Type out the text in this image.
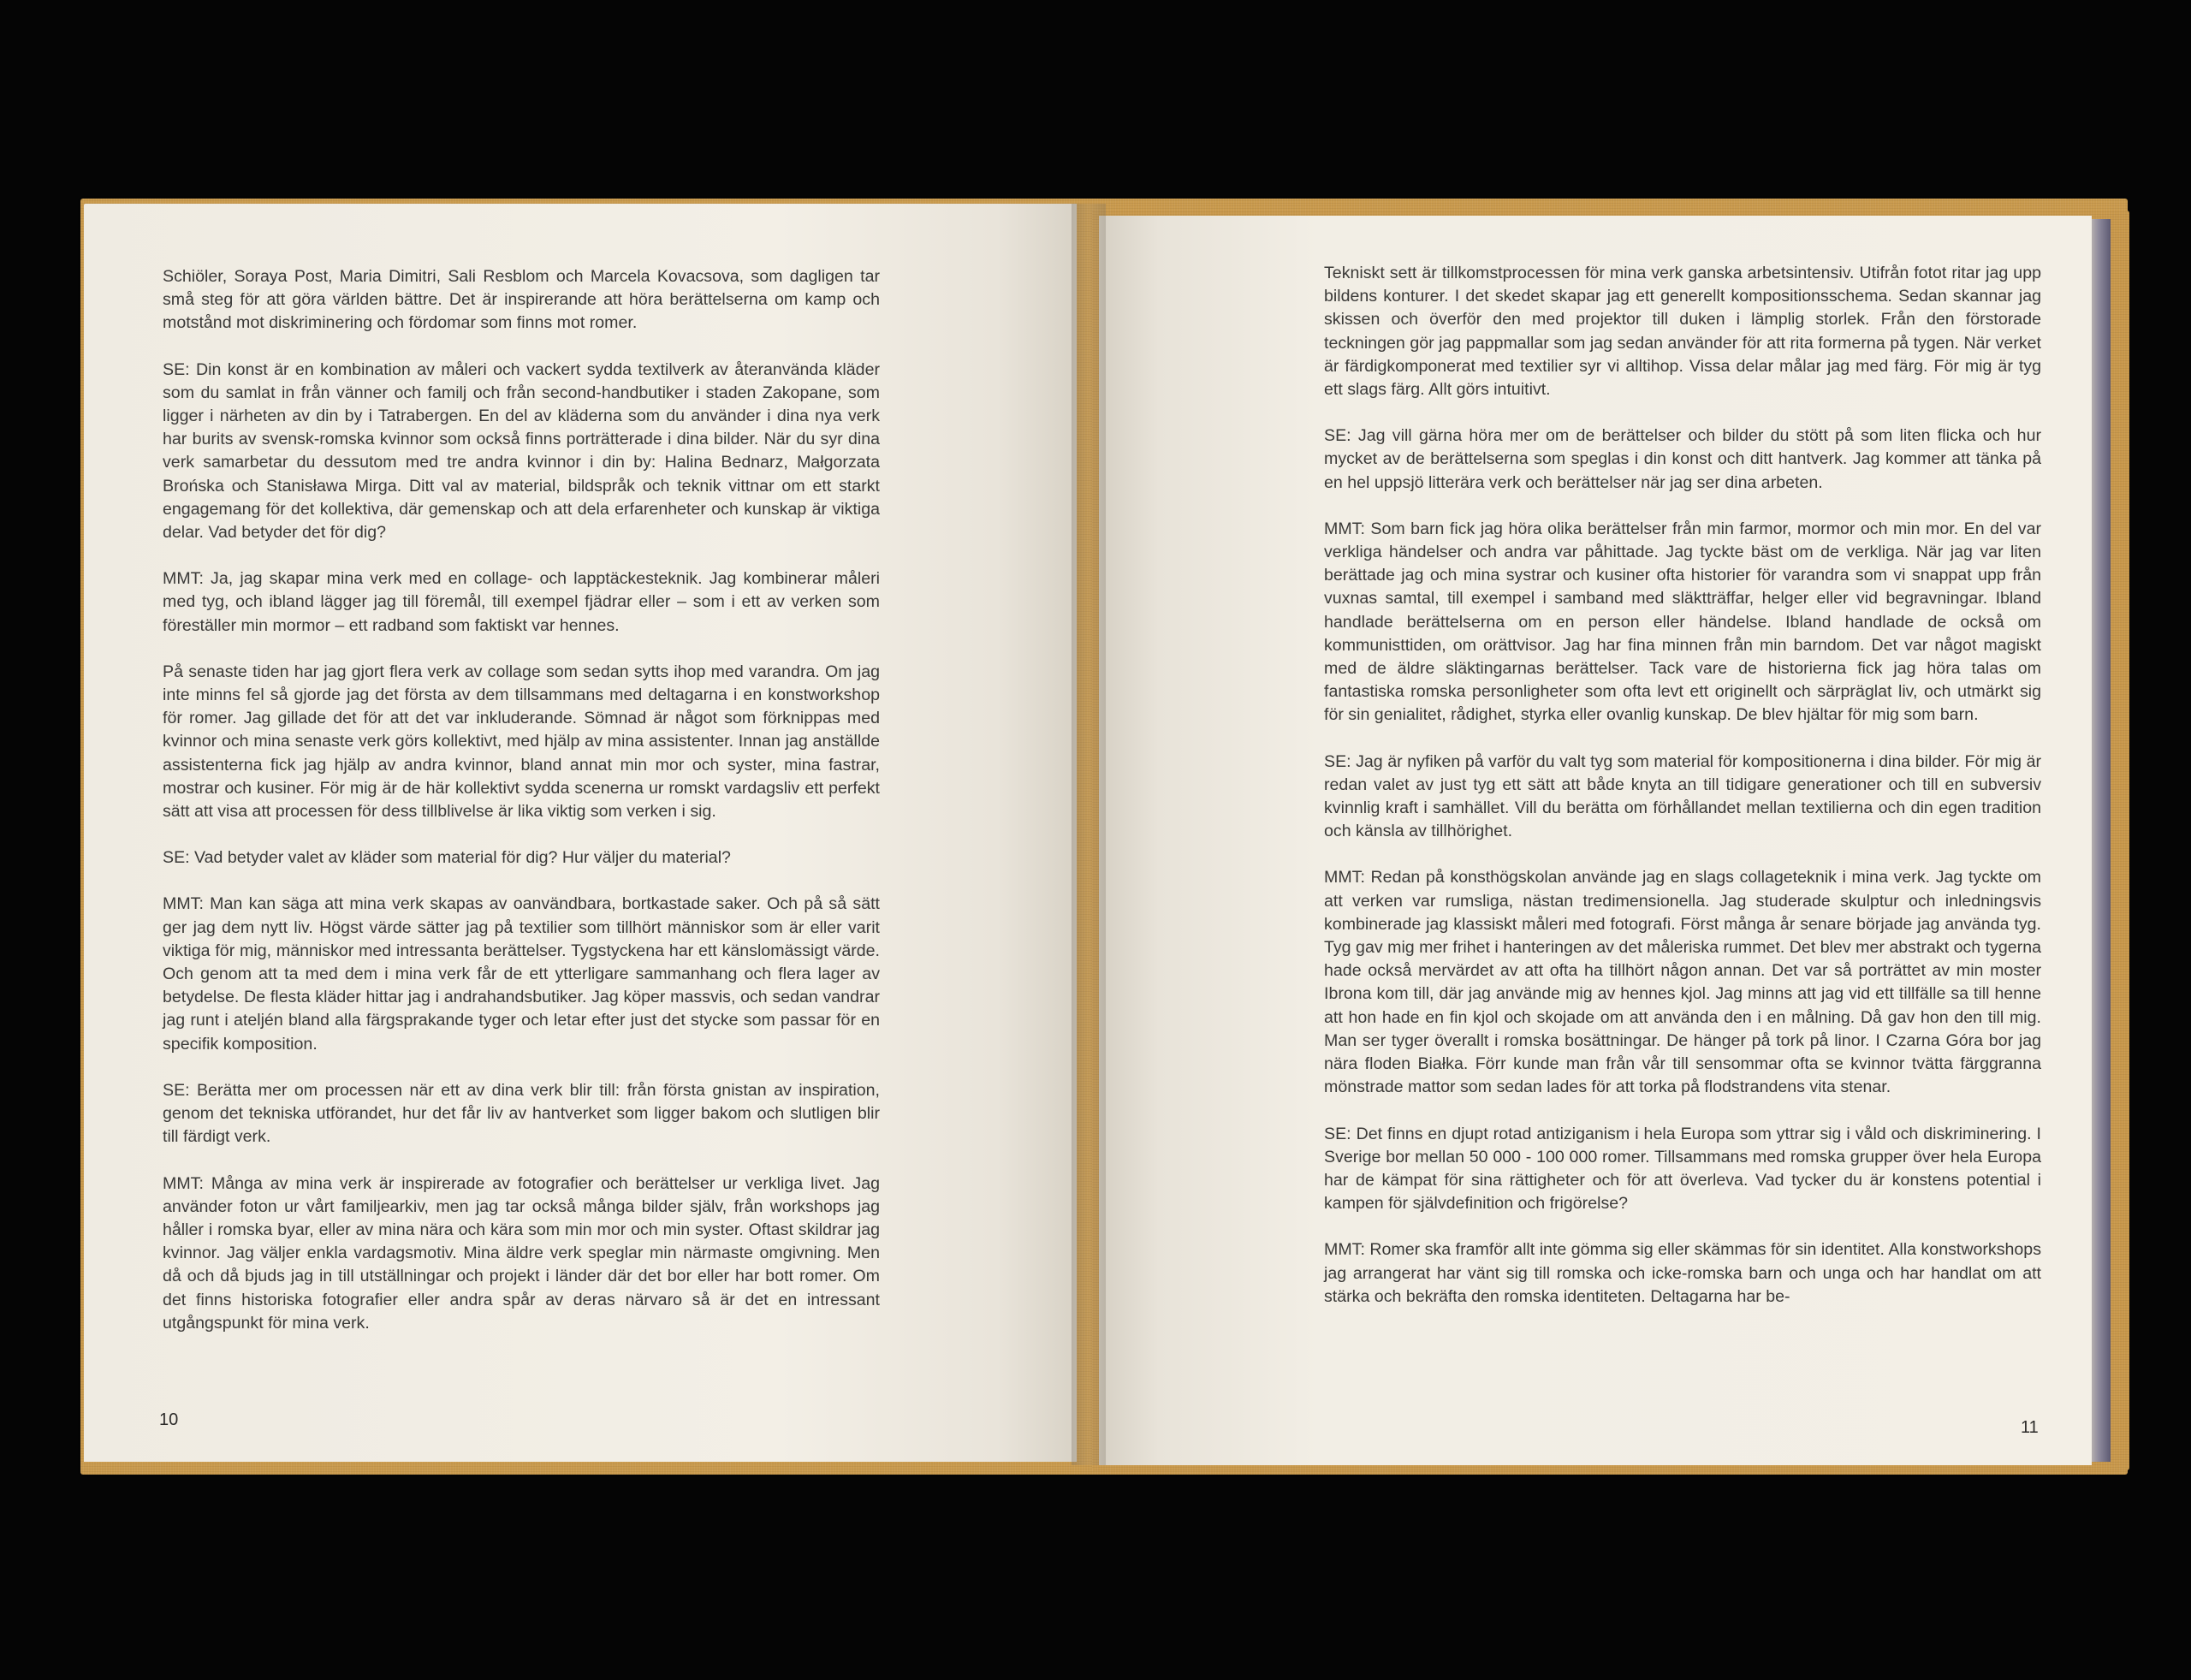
Schiöler, Soraya Post, Maria Dimitri, Sali Resblom och Marcela Kovacsova, som dagligen tar små steg för att göra världen bättre. Det är inspirerande att höra berättelserna om kamp och motstånd mot diskriminering och fördomar som finns mot romer.

SE: Din konst är en kombination av måleri och vackert sydda textilverk av återanvända kläder som du samlat in från vänner och familj och från second-handbutiker i staden Zakopane, som ligger i närheten av din by i Tatrabergen. En del av kläderna som du använder i dina nya verk har burits av svensk-romska kvinnor som också finns porträtterade i dina bilder. När du syr dina verk samarbetar du dessutom med tre andra kvinnor i din by: Halina Bednarz, Małgorzata Brońska och Stanisława Mirga. Ditt val av material, bildspråk och teknik vittnar om ett starkt engagemang för det kollektiva, där gemenskap och att dela erfarenheter och kunskap är viktiga delar. Vad betyder det för dig?

MMT: Ja, jag skapar mina verk med en collage- och lapptäckesteknik. Jag kombinerar måleri med tyg, och ibland lägger jag till föremål, till exempel fjädrar eller – som i ett av verken som föreställer min mormor – ett radband som faktiskt var hennes.

På senaste tiden har jag gjort flera verk av collage som sedan sytts ihop med varandra. Om jag inte minns fel så gjorde jag det första av dem tillsammans med deltagarna i en konstworkshop för romer. Jag gillade det för att det var inkluderande. Sömnad är något som förknippas med kvinnor och mina senaste verk görs kollektivt, med hjälp av mina assistenter. Innan jag anställde assistenterna fick jag hjälp av andra kvinnor, bland annat min mor och syster, mina fastrar, mostrar och kusiner. För mig är de här kollektivt sydda scenerna ur romskt vardagsliv ett perfekt sätt att visa att processen för dess tillblivelse är lika viktig som verken i sig.

SE: Vad betyder valet av kläder som material för dig? Hur väljer du material?

MMT: Man kan säga att mina verk skapas av oanvändbara, bortkastade saker. Och på så sätt ger jag dem nytt liv. Högst värde sätter jag på textilier som tillhört människor som är eller varit viktiga för mig, människor med intressanta berättelser. Tygstyckena har ett känslomässigt värde. Och genom att ta med dem i mina verk får de ett ytterligare sammanhang och flera lager av betydelse. De flesta kläder hittar jag i andrahandsbutiker. Jag köper massvis, och sedan vandrar jag runt i ateljén bland alla färgsprakande tyger och letar efter just det stycke som passar för en specifik komposition.

SE: Berätta mer om processen när ett av dina verk blir till: från första gnistan av inspiration, genom det tekniska utförandet, hur det får liv av hantverket som ligger bakom och slutligen blir till färdigt verk.

MMT: Många av mina verk är inspirerade av fotografier och berättelser ur verkliga livet. Jag använder foton ur vårt familjearkiv, men jag tar också många bilder själv, från workshops jag håller i romska byar, eller av mina nära och kära som min mor och min syster. Oftast skildrar jag kvinnor. Jag väljer enkla vardagsmotiv. Mina äldre verk speglar min närmaste omgivning. Men då och då bjuds jag in till utställningar och projekt i länder där det bor eller har bott romer. Om det finns historiska fotografier eller andra spår av deras närvaro så är det en intressant utgångspunkt för mina verk.

10

Tekniskt sett är tillkomstprocessen för mina verk ganska arbetsintensiv. Utifrån fotot ritar jag upp bildens konturer. I det skedet skapar jag ett generellt kompositionsschema. Sedan skannar jag skissen och överför den med projektor till duken i lämplig storlek. Från den förstorade teckningen gör jag pappmallar som jag sedan använder för att rita formerna på tygen. När verket är färdigkomponerat med textilier syr vi alltihop. Vissa delar målar jag med färg. För mig är tyg ett slags färg. Allt görs intuitivt.

SE: Jag vill gärna höra mer om de berättelser och bilder du stött på som liten flicka och hur mycket av de berättelserna som speglas i din konst och ditt hantverk. Jag kommer att tänka på en hel uppsjö litterära verk och berättelser när jag ser dina arbeten.

MMT: Som barn fick jag höra olika berättelser från min farmor, mormor och min mor. En del var verkliga händelser och andra var påhittade. Jag tyckte bäst om de verkliga. När jag var liten berättade jag och mina systrar och kusiner ofta historier för varandra som vi snappat upp från vuxnas samtal, till exempel i samband med släktträffar, helger eller vid begravningar. Ibland handlade berättelserna om en person eller händelse. Ibland handlade de också om kommunisttiden, om orättvisor. Jag har fina minnen från min barndom. Det var något magiskt med de äldre släktingarnas berättelser. Tack vare de historierna fick jag höra talas om fantastiska romska personligheter som ofta levt ett originellt och särpräglat liv, och utmärkt sig för sin genialitet, rådighet, styrka eller ovanlig kunskap. De blev hjältar för mig som barn.

SE: Jag är nyfiken på varför du valt tyg som material för kompositionerna i dina bilder. För mig är redan valet av just tyg ett sätt att både knyta an till tidigare generationer och till en subversiv kvinnlig kraft i samhället. Vill du berätta om förhållandet mellan textilierna och din egen tradition och känsla av tillhörighet.

MMT: Redan på konsthögskolan använde jag en slags collageteknik i mina verk. Jag tyckte om att verken var rumsliga, nästan tredimensionella. Jag studerade skulptur och inledningsvis kombinerade jag klassiskt måleri med fotografi. Först många år senare började jag använda tyg. Tyg gav mig mer frihet i hanteringen av det måleriska rummet. Det blev mer abstrakt och tygerna hade också mervärdet av att ofta ha tillhört någon annan. Det var så porträttet av min moster Ibrona kom till, där jag använde mig av hennes kjol. Jag minns att jag vid ett tillfälle sa till henne att hon hade en fin kjol och skojade om att använda den i en målning. Då gav hon den till mig. Man ser tyger överallt i romska bosättningar. De hänger på tork på linor. I Czarna Góra bor jag nära floden Białka. Förr kunde man från vår till sensommar ofta se kvinnor tvätta färggranna mönstrade mattor som sedan lades för att torka på flodstrandens vita stenar.

SE: Det finns en djupt rotad antiziganism i hela Europa som yttrar sig i våld och diskriminering. I Sverige bor mellan 50 000 - 100 000 romer. Tillsammans med romska grupper över hela Europa har de kämpat för sina rättigheter och för att överleva. Vad tycker du är konstens potential i kampen för självdefinition och frigörelse?

MMT: Romer ska framför allt inte gömma sig eller skämmas för sin identitet. Alla konstworkshops jag arrangerat har vänt sig till romska och icke-romska barn och unga och har handlat om att stärka och bekräfta den romska identiteten. Deltagarna har be-

11
